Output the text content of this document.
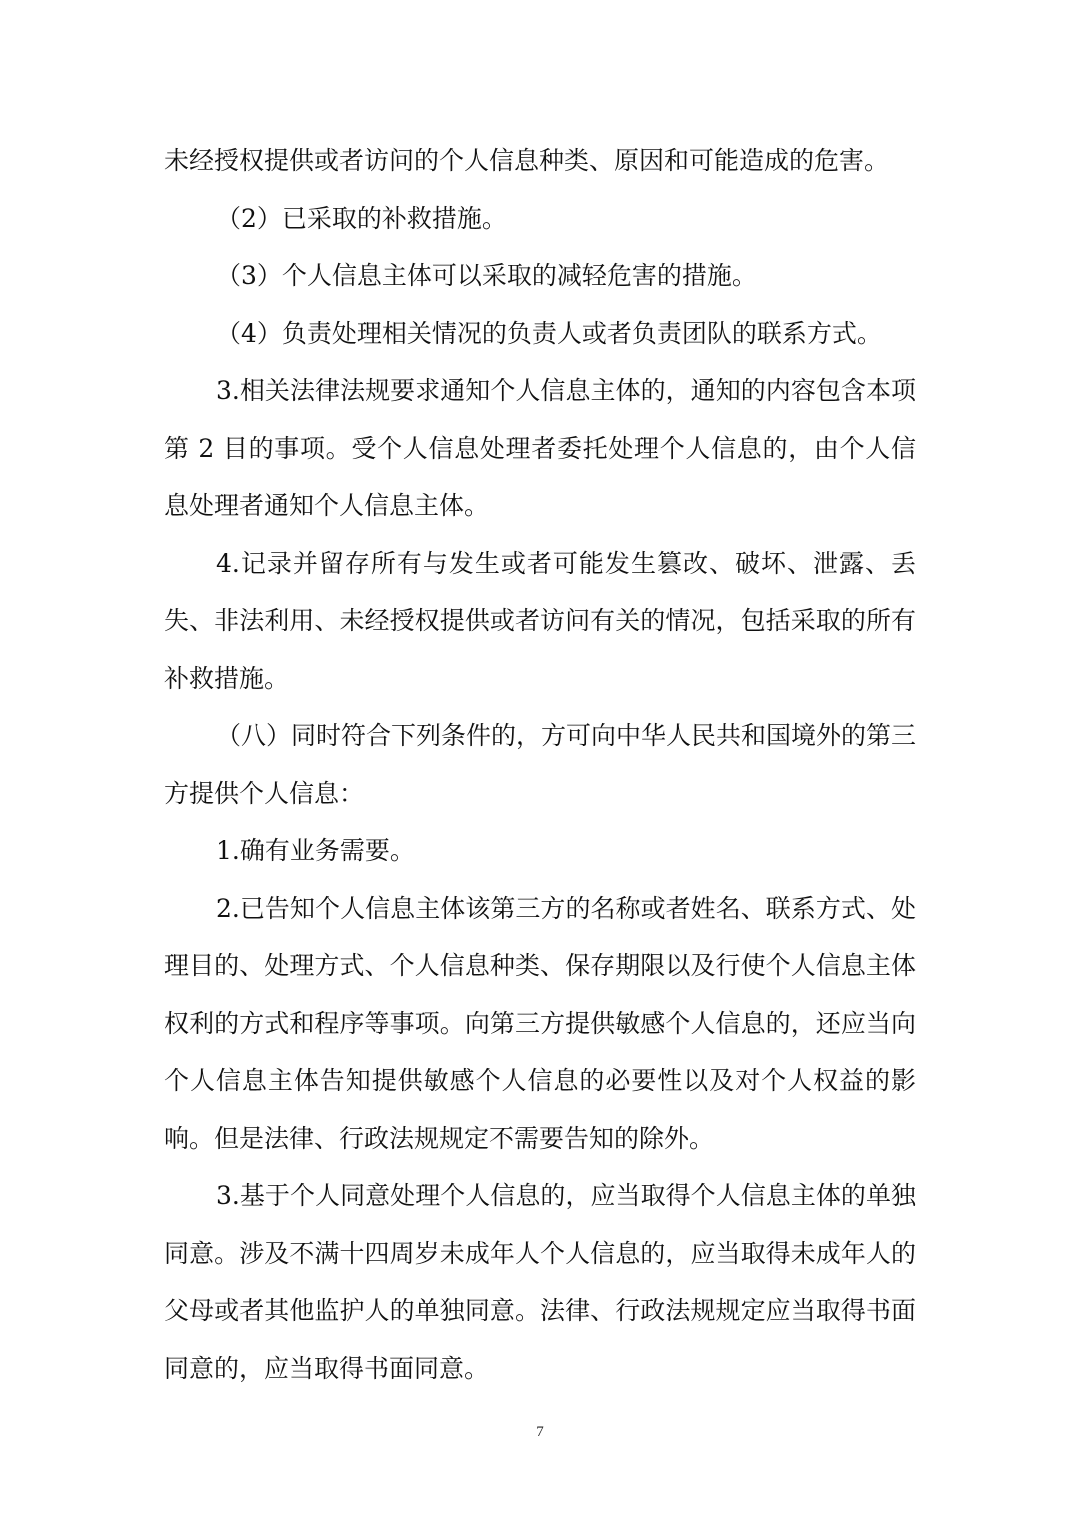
未经授权提供或者访问的个人信息种类、原因和可能造成的危害。

（2）已采取的补救措施。

（3）个人信息主体可以采取的减轻危害的措施。

（4）负责处理相关情况的负责人或者负责团队的联系方式。

3.相关法律法规要求通知个人信息主体的，通知的内容包含本项第 2 目的事项。受个人信息处理者委托处理个人信息的，由个人信息处理者通知个人信息主体。

4.记录并留存所有与发生或者可能发生篡改、破坏、泄露、丢失、非法利用、未经授权提供或者访问有关的情况，包括采取的所有补救措施。

（八）同时符合下列条件的，方可向中华人民共和国境外的第三方提供个人信息：

1.确有业务需要。

2.已告知个人信息主体该第三方的名称或者姓名、联系方式、处理目的、处理方式、个人信息种类、保存期限以及行使个人信息主体权利的方式和程序等事项。向第三方提供敏感个人信息的，还应当向个人信息主体告知提供敏感个人信息的必要性以及对个人权益的影响。但是法律、行政法规规定不需要告知的除外。

3.基于个人同意处理个人信息的，应当取得个人信息主体的单独同意。涉及不满十四周岁未成年人个人信息的，应当取得未成年人的父母或者其他监护人的单独同意。法律、行政法规规定应当取得书面同意的，应当取得书面同意。

7
